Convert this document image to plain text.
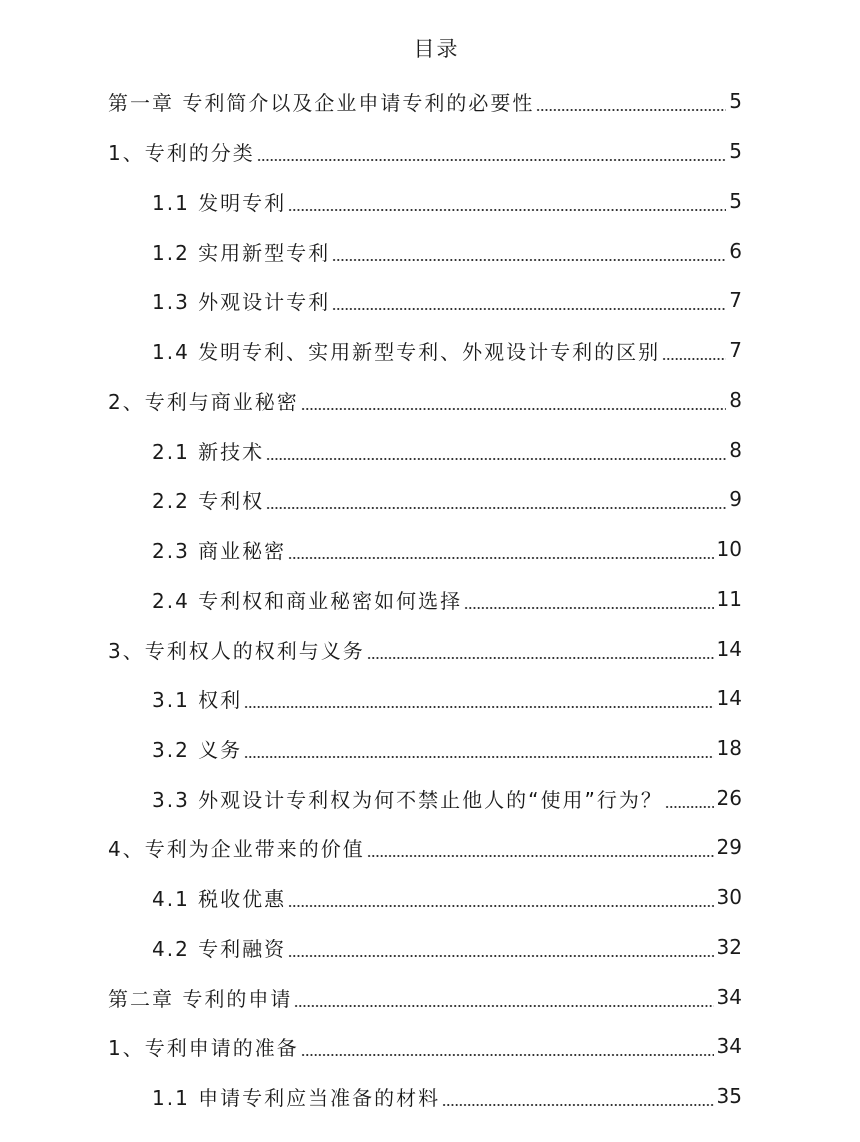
目录
第一章 专利简介以及企业申请专利的必要性	5
1、专利的分类	5
1.1 发明专利	5
1.2 实用新型专利	6
1.3 外观设计专利	7
1.4 发明专利、实用新型专利、外观设计专利的区别	7
2、专利与商业秘密	8
2.1 新技术	8
2.2 专利权	9
2.3 商业秘密	10
2.4 专利权和商业秘密如何选择	11
3、专利权人的权利与义务	14
3.1 权利	14
3.2 义务	18
3.3 外观设计专利权为何不禁止他人的“使用”行为？	26
4、专利为企业带来的价值	29
4.1 税收优惠	30
4.2 专利融资	32
第二章 专利的申请	34
1、专利申请的准备	34
1.1 申请专利应当准备的材料	35
